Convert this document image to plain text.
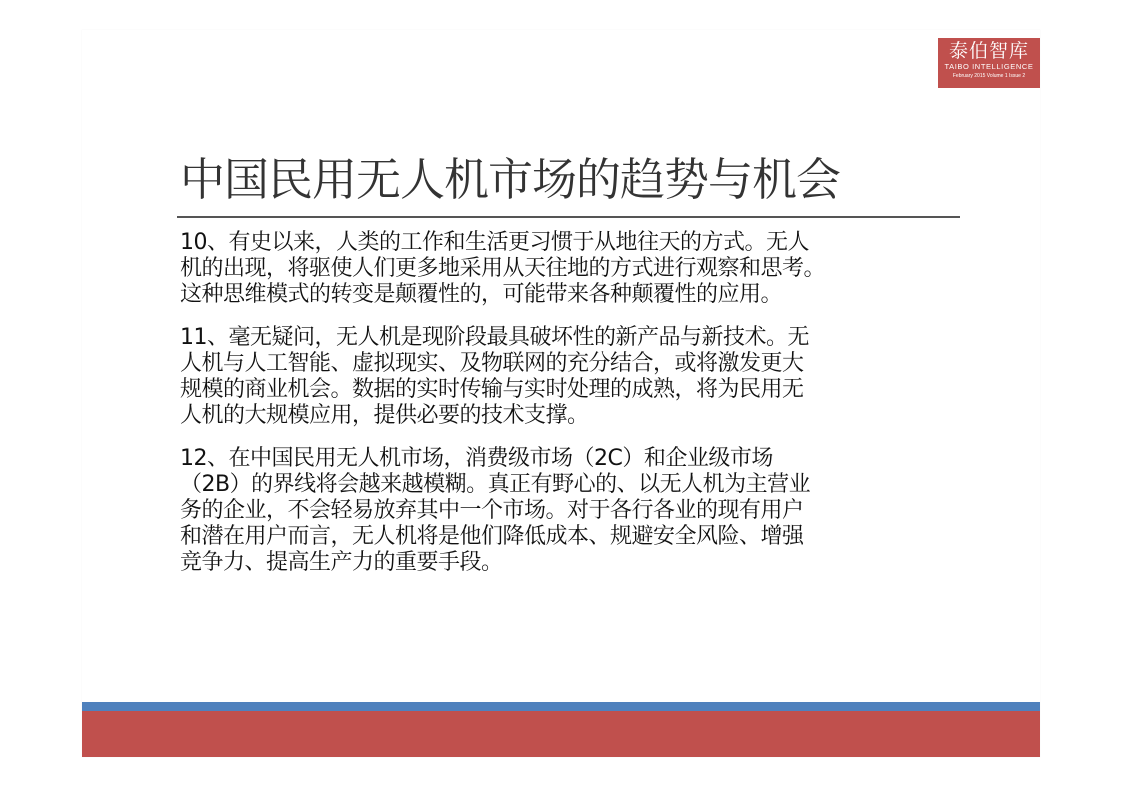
泰伯智库
TAIBO INTELLIGENCE
February 2015 Volume 1 Issue 2
中国民用无人机市场的趋势与机会
10、有史以来，人类的工作和生活更习惯于从地往天的方式。无人
机的出现，将驱使人们更多地采用从天往地的方式进行观察和思考。
这种思维模式的转变是颠覆性的，可能带来各种颠覆性的应用。
11、毫无疑问，无人机是现阶段最具破坏性的新产品与新技术。无
人机与人工智能、虚拟现实、及物联网的充分结合，或将激发更大
规模的商业机会。数据的实时传输与实时处理的成熟，将为民用无
人机的大规模应用，提供必要的技术支撑。
12、在中国民用无人机市场，消费级市场（2C）和企业级市场
（2B）的界线将会越来越模糊。真正有野心的、以无人机为主营业
务的企业，不会轻易放弃其中一个市场。对于各行各业的现有用户
和潜在用户而言，无人机将是他们降低成本、规避安全风险、增强
竞争力、提高生产力的重要手段。
